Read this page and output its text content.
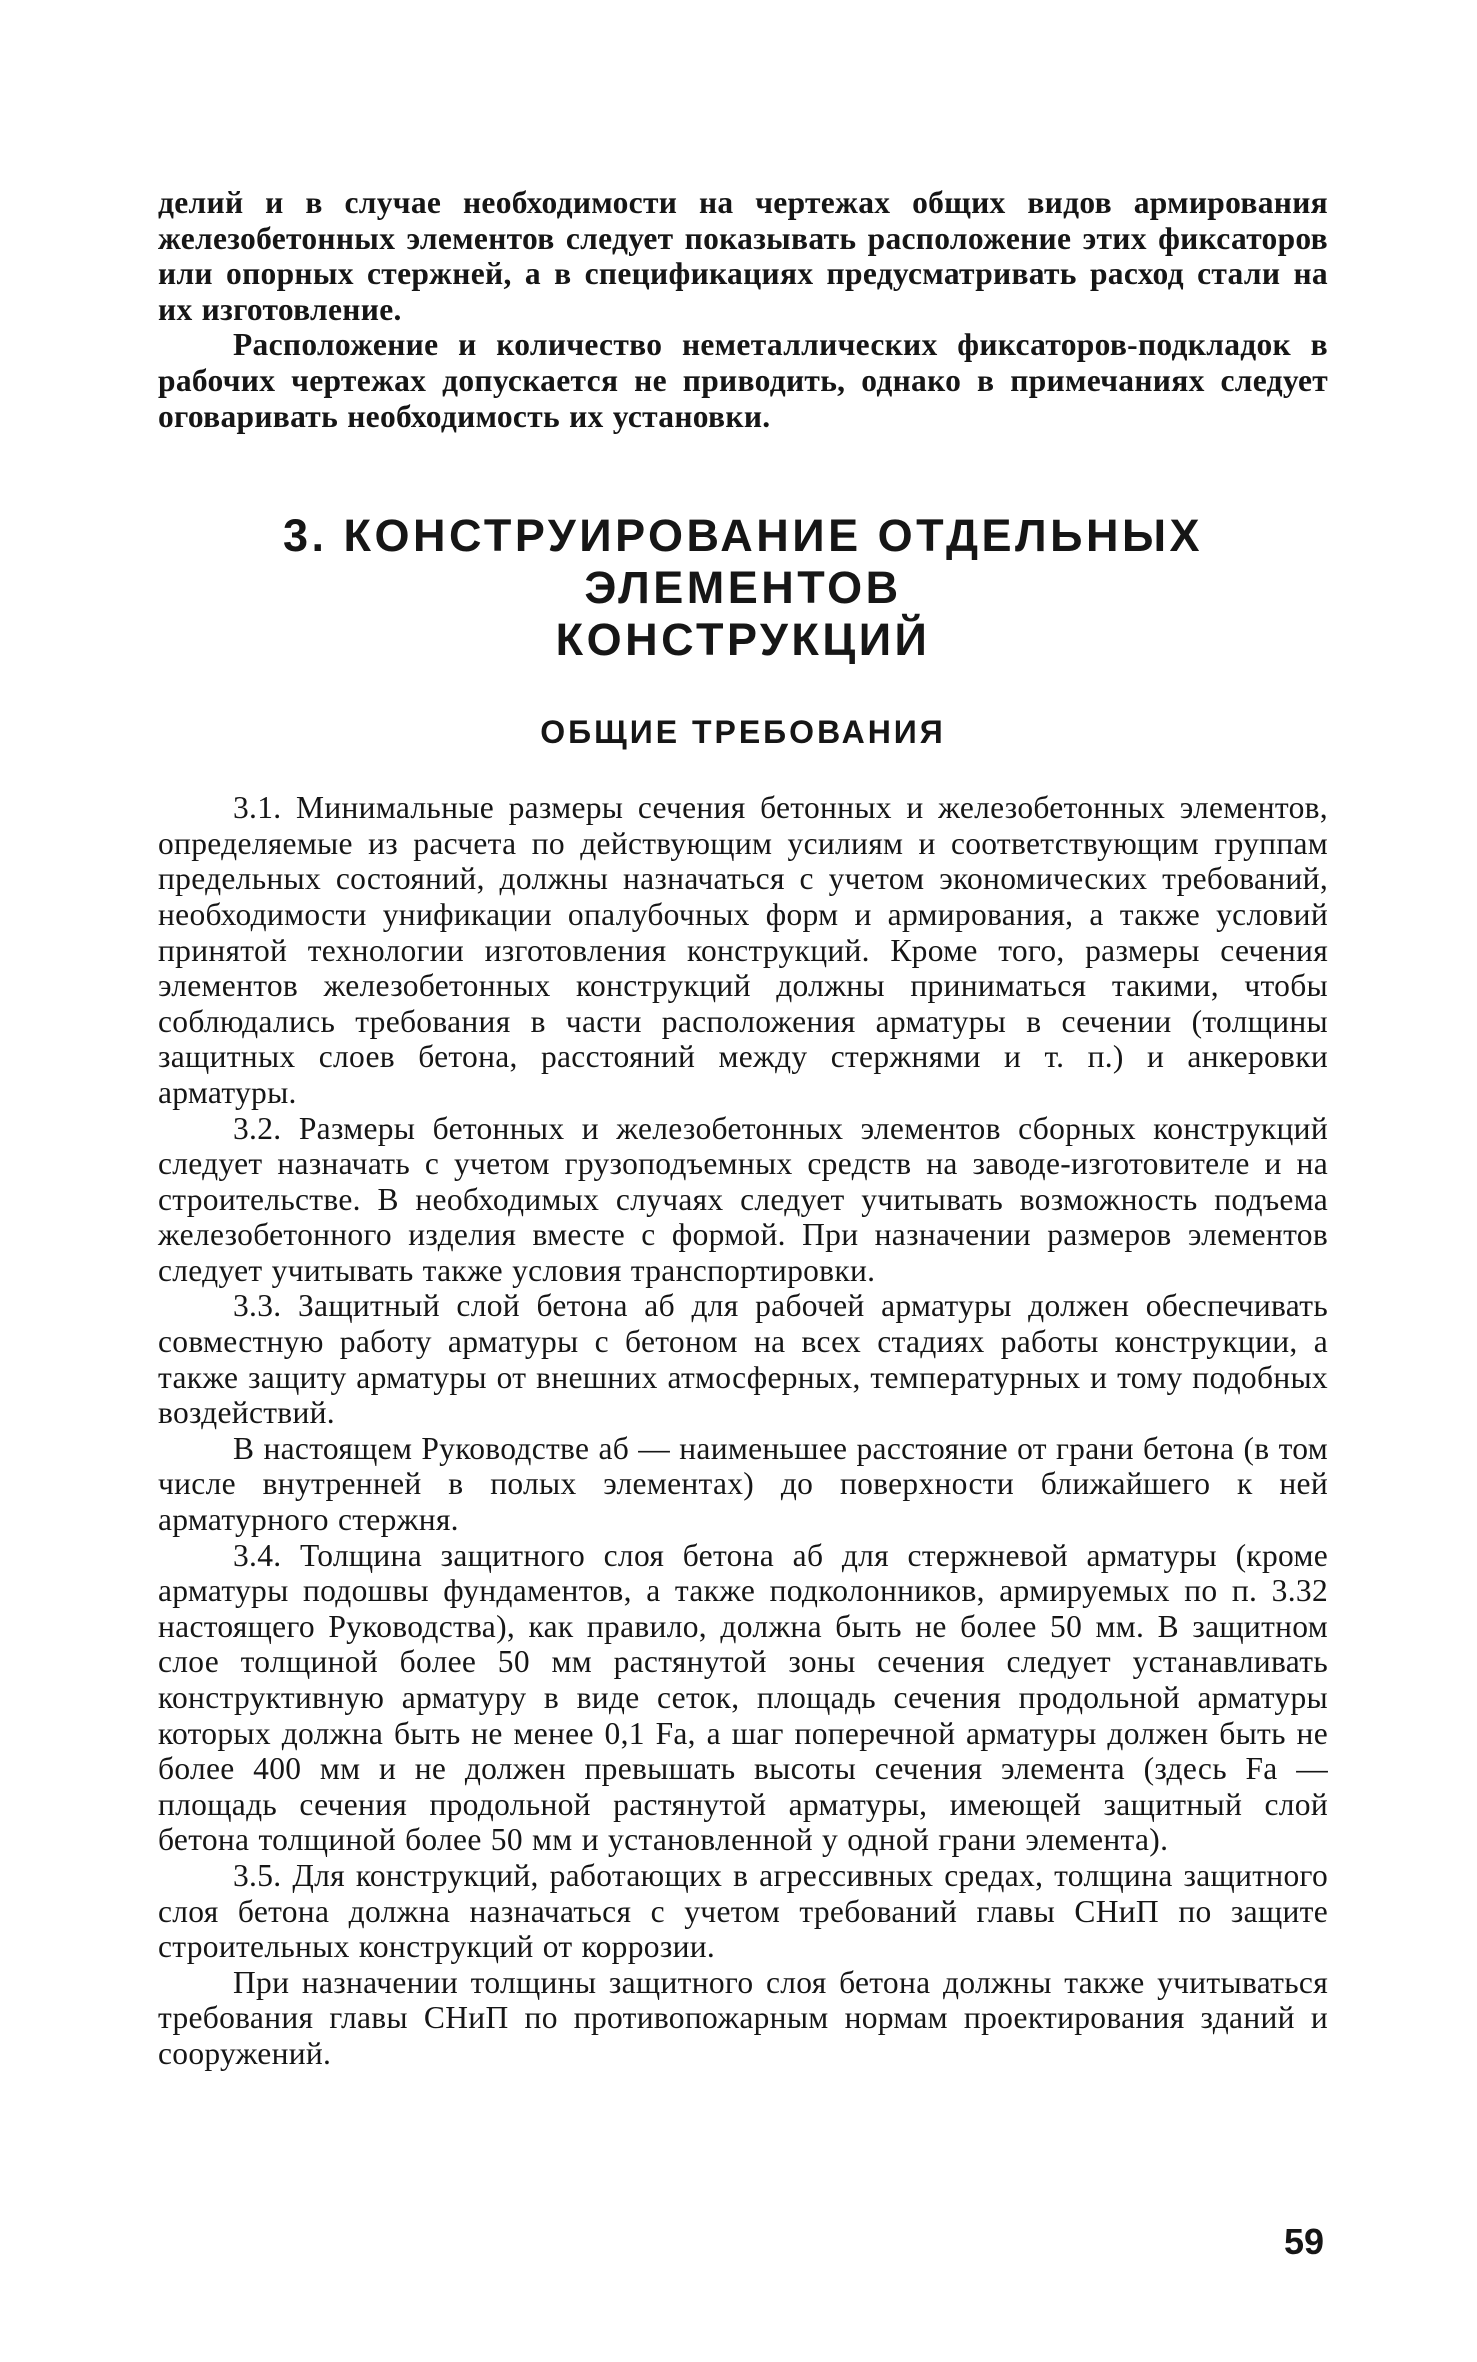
делий и в случае необходимости на чертежах общих видов армирования железобетонных элементов следует показывать расположение этих фиксаторов или опорных стержней, а в спецификациях предусматривать расход стали на их изготовление.

Расположение и количество неметаллических фиксаторов-подкладок в рабочих чертежах допускается не приводить, однако в примечаниях следует оговаривать необходимость их установки.

3. КОНСТРУИРОВАНИЕ ОТДЕЛЬНЫХ ЭЛЕМЕНТОВ
КОНСТРУКЦИЙ
ОБЩИЕ ТРЕБОВАНИЯ

3.1. Минимальные размеры сечения бетонных и железобетонных элементов, определяемые из расчета по действующим усилиям и соответствующим группам предельных состояний, должны назначаться с учетом экономических требований, необходимости унификации опалубочных форм и армирования, а также условий принятой технологии изготовления конструкций. Кроме того, размеры сечения элементов железобетонных конструкций должны приниматься такими, чтобы соблюдались требования в части расположения арматуры в сечении (толщины защитных слоев бетона, расстояний между стержнями и т. п.) и анкеровки арматуры.

3.2. Размеры бетонных и железобетонных элементов сборных конструкций следует назначать с учетом грузоподъемных средств на заводе-изготовителе и на строительстве. В необходимых случаях следует учитывать возможность подъема железобетонного изделия вместе с формой. При назначении размеров элементов следует учитывать также условия транспортировки.

3.3. Защитный слой бетона aб для рабочей арматуры должен обеспечивать совместную работу арматуры с бетоном на всех стадиях работы конструкции, а также защиту арматуры от внешних атмосферных, температурных и тому подобных воздействий.

В настоящем Руководстве aб — наименьшее расстояние от грани бетона (в том числе внутренней в полых элементах) до поверхности ближайшего к ней арматурного стержня.

3.4. Толщина защитного слоя бетона aб для стержневой арматуры (кроме арматуры подошвы фундаментов, а также подколонников, армируемых по п. 3.32 настоящего Руководства), как правило, должна быть не более 50 мм. В защитном слое толщиной более 50 мм растянутой зоны сечения следует устанавливать конструктивную арматуру в виде сеток, площадь сечения продольной арматуры которых должна быть не менее 0,1 Fа, а шаг поперечной арматуры должен быть не более 400 мм и не должен превышать высоты сечения элемента (здесь Fа — площадь сечения продольной растянутой арматуры, имеющей защитный слой бетона толщиной более 50 мм и установленной у одной грани элемента).

3.5. Для конструкций, работающих в агрессивных средах, толщина защитного слоя бетона должна назначаться с учетом требований главы СНиП по защите строительных конструкций от коррозии.

При назначении толщины защитного слоя бетона должны также учитываться требования главы СНиП по противопожарным нормам проектирования зданий и сооружений.

59
